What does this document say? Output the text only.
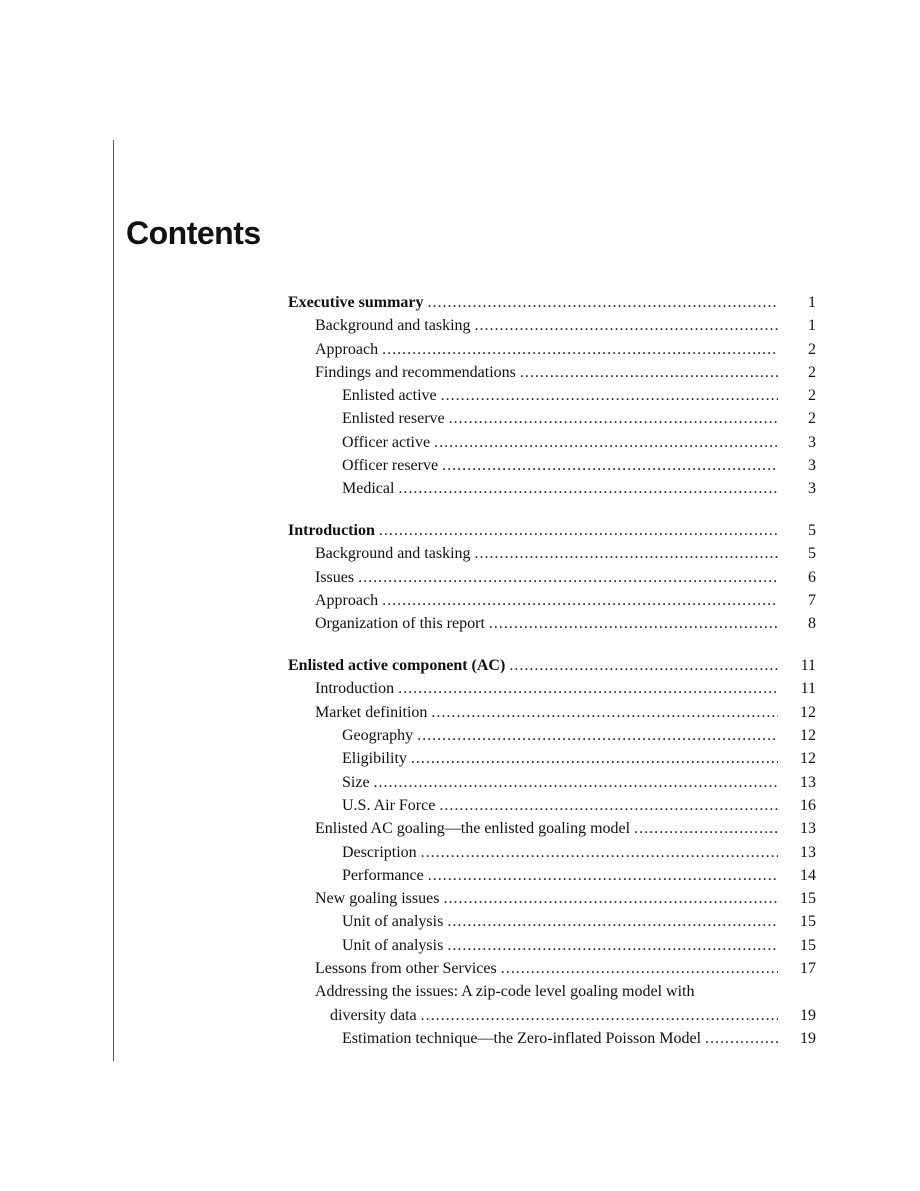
Contents
Executive summary .....	1
Background and tasking .....	1
Approach .....	2
Findings and recommendations .....	2
Enlisted active .....	2
Enlisted reserve .....	2
Officer active .....	3
Officer reserve .....	3
Medical .....	3
Introduction .....	5
Background and tasking .....	5
Issues .....	6
Approach .....	7
Organization of this report .....	8
Enlisted active component (AC) .....	11
Introduction .....	11
Market definition .....	12
Geography .....	12
Eligibility .....	12
Size .....	13
U.S. Air Force .....	16
Enlisted AC goaling—the enlisted goaling model .....	13
Description .....	13
Performance .....	14
New goaling issues .....	15
Unit of analysis .....	15
Unit of analysis .....	15
Lessons from other Services .....	17
Addressing the issues: A zip-code level goaling model with
diversity data .....	19
Estimation technique—the Zero-inflated Poisson Model .....	19
